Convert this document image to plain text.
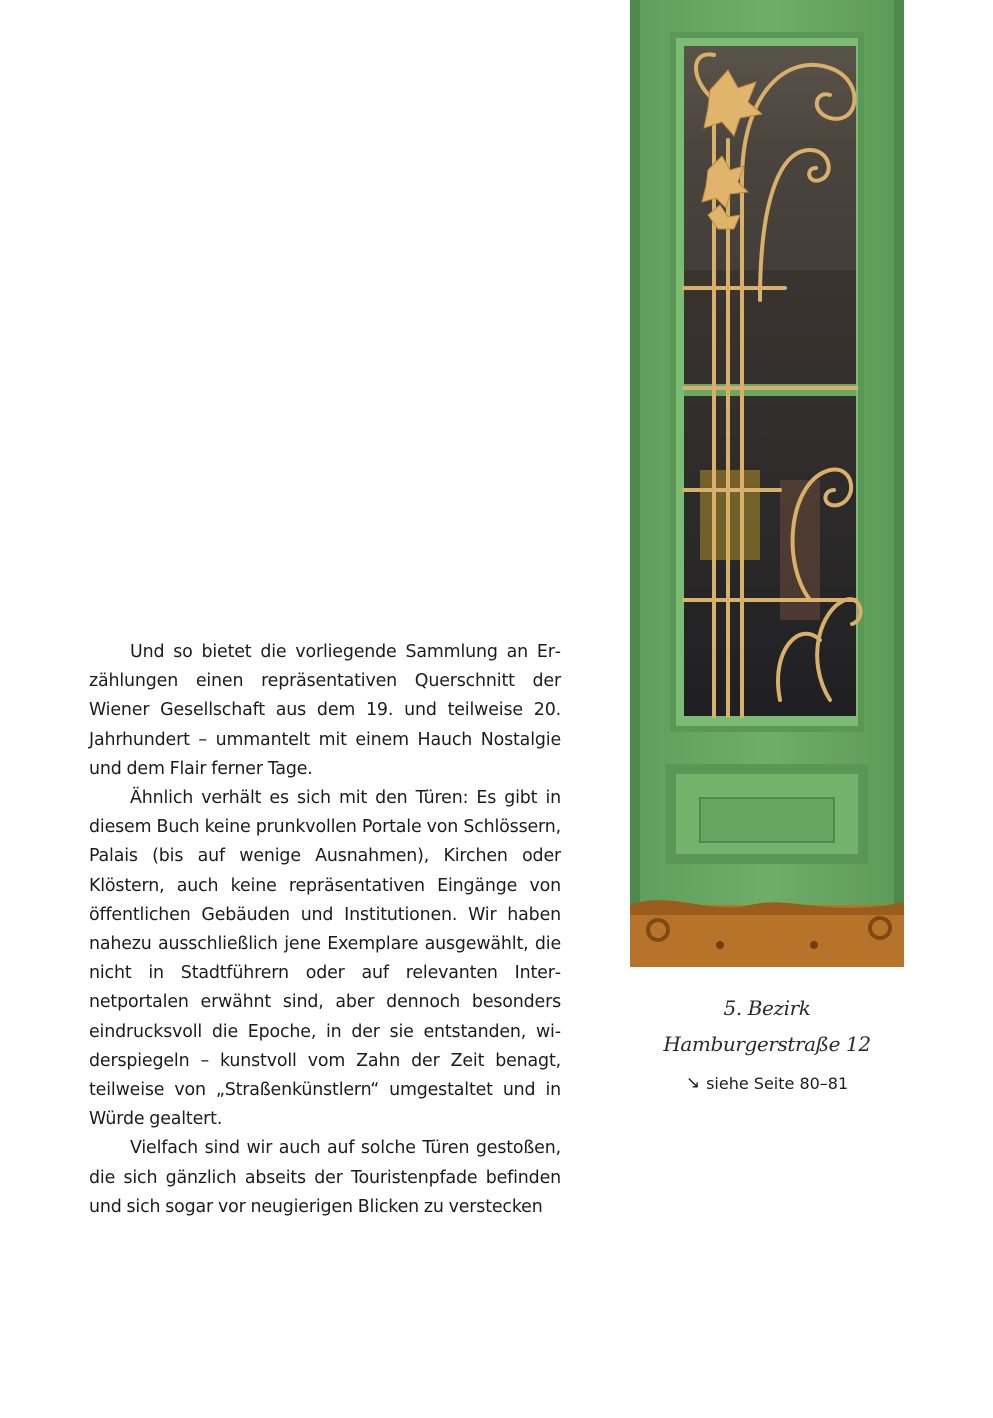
Und so bietet die vorliegende Sammlung an Erzählungen einen repräsentativen Querschnitt der Wiener Gesellschaft aus dem 19. und teilweise 20. Jahrhundert – ummantelt mit einem Hauch Nostalgie und dem Flair ferner Tage.

Ähnlich verhält es sich mit den Türen: Es gibt in diesem Buch keine prunkvollen Portale von Schlössern, Palais (bis auf wenige Ausnahmen), Kirchen oder Klöstern, auch keine repräsentativen Eingänge von öffentlichen Gebäuden und Institutionen. Wir haben nahezu ausschließlich jene Exemplare ausgewählt, die nicht in Stadtführern oder auf relevanten Internetportalen erwähnt sind, aber dennoch besonders eindrucksvoll die Epoche, in der sie entstanden, widerspiegeln – kunstvoll vom Zahn der Zeit benagt, teilweise von „Straßenkünstlern“ umgestaltet und in Würde gealtert.

Vielfach sind wir auch auf solche Türen gestoßen, die sich gänzlich abseits der Touristenpfade befinden und sich sogar vor neugierigen Blicken zu verstecken

5. Bezirk
Hamburgerstraße 12
↘ siehe Seite 80–81
